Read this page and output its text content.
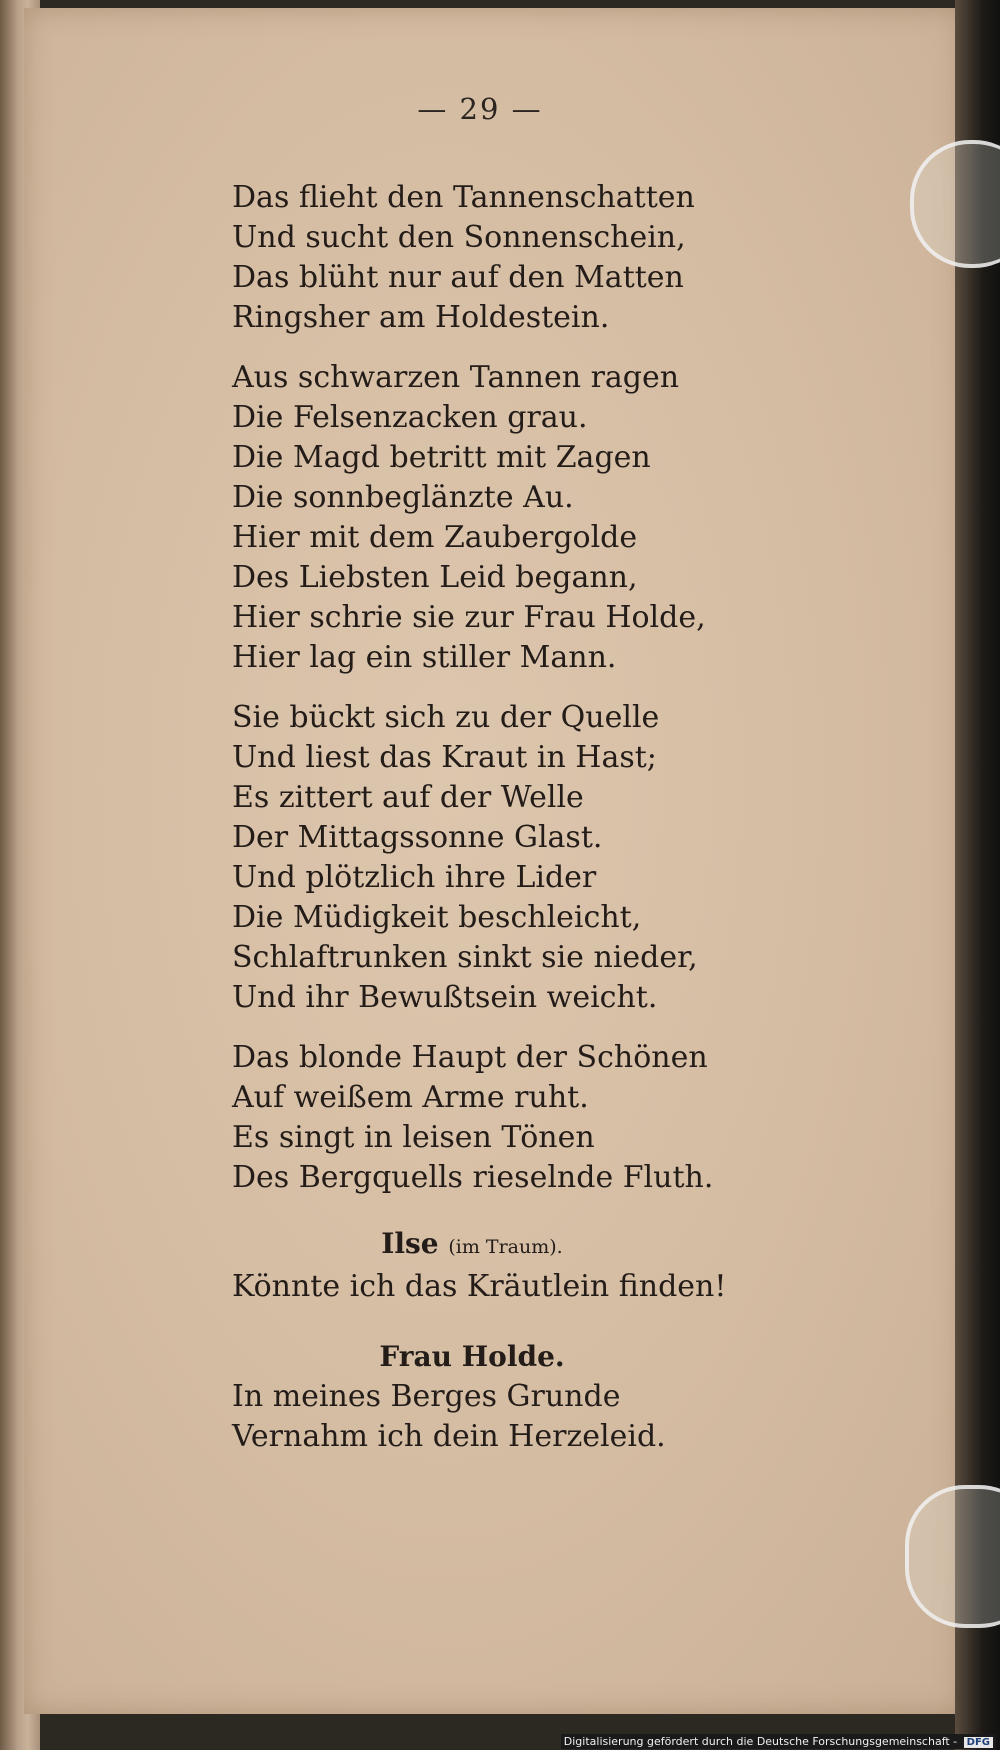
— 29 —
Das flieht den Tannenschatten
Und sucht den Sonnenschein,
Das blüht nur auf den Matten
Ringsher am Holdestein.
Aus schwarzen Tannen ragen
Die Felsenzacken grau.
Die Magd betritt mit Zagen
Die sonnbeglänzte Au.
Hier mit dem Zaubergolde
Des Liebsten Leid begann,
Hier schrie sie zur Frau Holde,
Hier lag ein stiller Mann.
Sie bückt sich zu der Quelle
Und liest das Kraut in Hast;
Es zittert auf der Welle
Der Mittagssonne Glast.
Und plötzlich ihre Lider
Die Müdigkeit beschleicht,
Schlaftrunken sinkt sie nieder,
Und ihr Bewußtsein weicht.
Das blonde Haupt der Schönen
Auf weißem Arme ruht.
Es singt in leisen Tönen
Des Bergquells rieselnde Fluth.
Ilse (im Traum).
Könnte ich das Kräutlein finden!
Frau Holde.
In meines Berges Grunde
Vernahm ich dein Herzeleid.
Digitalisierung gefördert durch die Deutsche Forschungsgemeinschaft - DFG
